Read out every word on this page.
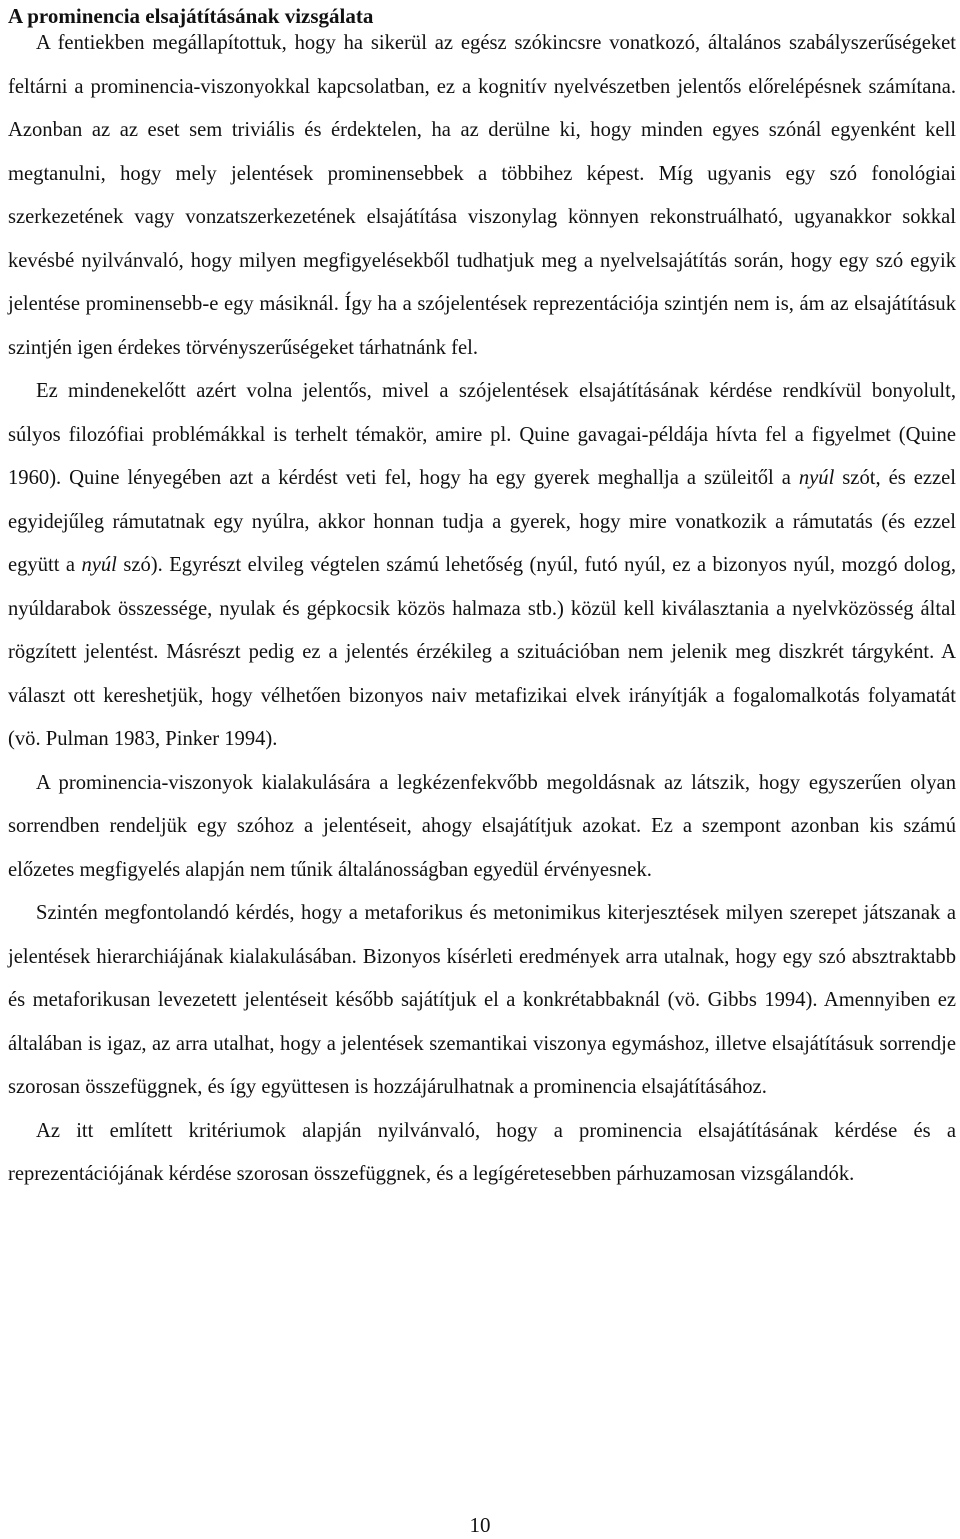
A prominencia elsajátításának vizsgálata

A fentiekben megállapítottuk, hogy ha sikerül az egész szókincsre vonatkozó, általános szabályszerűségeket feltárni a prominencia-viszonyokkal kapcsolatban, ez a kognitív nyelvészetben jelentős előrelépésnek számítana. Azonban az az eset sem triviális és érdektelen, ha az derülne ki, hogy minden egyes szónál egyenként kell megtanulni, hogy mely jelentések prominensebbek a többihez képest. Míg ugyanis egy szó fonológiai szerkezetének vagy vonzatszerkezetének elsajátítása viszonylag könnyen rekonstruálható, ugyanakkor sokkal kevésbé nyilvánvaló, hogy milyen megfigyelésekből tudhatjuk meg a nyelvelsajátítás során, hogy egy szó egyik jelentése prominensebb-e egy másiknál. Így ha a szójelentések reprezentációja szintjén nem is, ám az elsajátításuk szintjén igen érdekes törvényszerűségeket tárhatnánk fel.

Ez mindenekelőtt azért volna jelentős, mivel a szójelentések elsajátításának kérdése rendkívül bonyolult, súlyos filozófiai problémákkal is terhelt témakör, amire pl. Quine gavagai-példája hívta fel a figyelmet (Quine 1960). Quine lényegében azt a kérdést veti fel, hogy ha egy gyerek meghallja a szüleitől a nyúl szót, és ezzel egyidejűleg rámutatnak egy nyúlra, akkor honnan tudja a gyerek, hogy mire vonatkozik a rámutatás (és ezzel együtt a nyúl szó). Egyrészt elvileg végtelen számú lehetőség (nyúl, futó nyúl, ez a bizonyos nyúl, mozgó dolog, nyúldarabok összessége, nyulak és gépkocsik közös halmaza stb.) közül kell kiválasztania a nyelvközösség által rögzített jelentést. Másrészt pedig ez a jelentés érzékileg a szituációban nem jelenik meg diszkrét tárgyként. A választ ott kereshetjük, hogy vélhetően bizonyos naiv metafizikai elvek irányítják a fogalomalkotás folyamatát (vö. Pulman 1983, Pinker 1994).

A prominencia-viszonyok kialakulására a legkézenfekvőbb megoldásnak az látszik, hogy egyszerűen olyan sorrendben rendeljük egy szóhoz a jelentéseit, ahogy elsajátítjuk azokat. Ez a szempont azonban kis számú előzetes megfigyelés alapján nem tűnik általánosságban egyedül érvényesnek.

Szintén megfontolandó kérdés, hogy a metaforikus és metonimikus kiterjesztések milyen szerepet játszanak a jelentések hierarchiájának kialakulásában. Bizonyos kísérleti eredmények arra utalnak, hogy egy szó absztraktabb és metaforikusan levezetett jelentéseit később sajátítjuk el a konkrétabbaknál (vö. Gibbs 1994). Amennyiben ez általában is igaz, az arra utalhat, hogy a jelentések szemantikai viszonya egymáshoz, illetve elsajátításuk sorrendje szorosan összefüggnek, és így együttesen is hozzájárulhatnak a prominencia elsajátításához.

Az itt említett kritériumok alapján nyilvánvaló, hogy a prominencia elsajátításának kérdése és a reprezentációjának kérdése szorosan összefüggnek, és a legígéretesebben párhuzamosan vizsgálandók.

10
